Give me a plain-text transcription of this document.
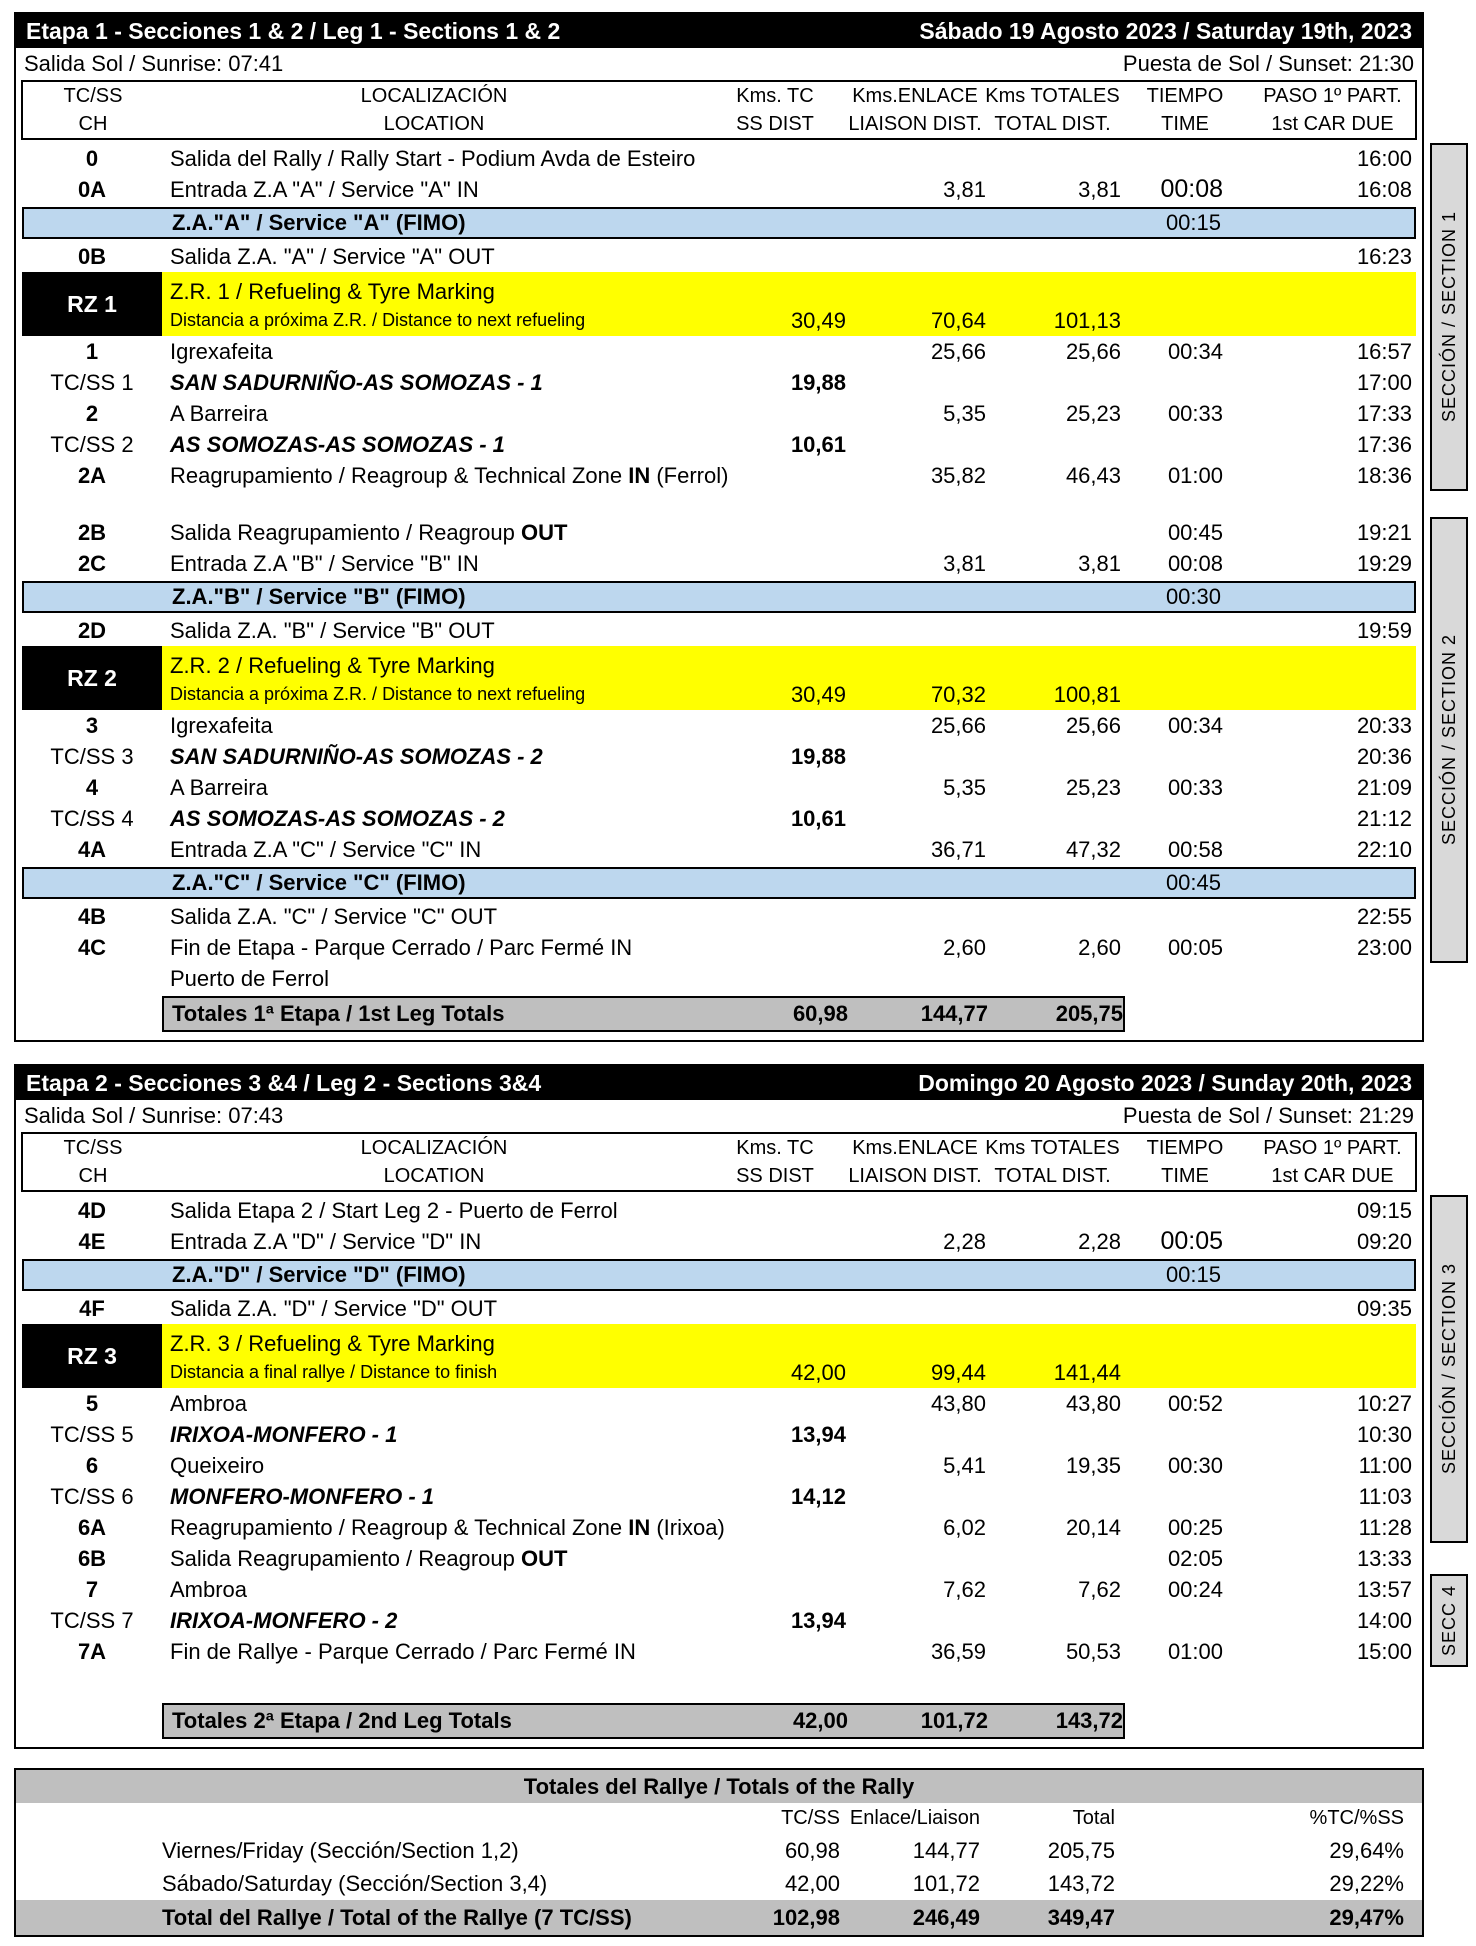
Etapa 1 - Secciones 1 & 2 / Leg 1 - Sections 1 & 2	Sábado 19 Agosto 2023 / Saturday 19th, 2023
Salida Sol / Sunrise: 07:41	Puesta de Sol / Sunset: 21:30
TC/SS	LOCALIZACIÓN	Kms. TC	Kms.ENLACE Kms TOTALES	TIEMPO	PASO 1º PART.
CH	LOCATION	SS DIST	LIAISON DIST. TOTAL DIST.	TIME	1st CAR DUE
0	Salida del Rally / Rally Start - Podium Avda de Esteiro	16:00
0A	Entrada Z.A "A" / Service "A" IN	3,81	3,81	00:08	16:08
Z.A."A" / Service "A" (FIMO)	00:15
0B	Salida Z.A. "A" / Service "A" OUT	16:23
RZ 1	Z.R. 1 / Refueling & Tyre Marking
Distancia a próxima Z.R. / Distance to next refueling	30,49	70,64	101,13
1	Igrexafeita	25,66	25,66	00:34	16:57
TC/SS 1	SAN SADURNIÑO-AS SOMOZAS - 1	19,88	17:00
2	A Barreira	5,35	25,23	00:33	17:33
TC/SS 2	AS SOMOZAS-AS SOMOZAS - 1	10,61	17:36
2A	Reagrupamiento / Reagroup & Technical Zone IN (Ferrol)	35,82	46,43	01:00	18:36
2B	Salida Reagrupamiento / Reagroup OUT	00:45	19:21
2C	Entrada Z.A "B" / Service "B" IN	3,81	3,81	00:08	19:29
Z.A."B" / Service "B" (FIMO)	00:30
2D	Salida Z.A. "B" / Service "B" OUT	19:59
RZ 2	Z.R. 2 / Refueling & Tyre Marking
Distancia a próxima Z.R. / Distance to next refueling	30,49	70,32	100,81
3	Igrexafeita	25,66	25,66	00:34	20:33
TC/SS 3	SAN SADURNIÑO-AS SOMOZAS - 2	19,88	20:36
4	A Barreira	5,35	25,23	00:33	21:09
TC/SS 4	AS SOMOZAS-AS SOMOZAS - 2	10,61	21:12
4A	Entrada Z.A "C" / Service "C" IN	36,71	47,32	00:58	22:10
Z.A."C" / Service "C" (FIMO)	00:45
4B	Salida Z.A. "C" / Service "C" OUT	22:55
4C	Fin de Etapa - Parque Cerrado / Parc Fermé IN	2,60	2,60	00:05	23:00
Puerto de Ferrol
Totales 1ª Etapa / 1st Leg Totals	60,98	144,77	205,75
SECCIÓN / SECTION 1
SECCIÓN / SECTION 2
Etapa 2 - Secciones 3 &4 / Leg 2 - Sections 3&4	Domingo 20 Agosto 2023 / Sunday 20th, 2023
Salida Sol / Sunrise: 07:43	Puesta de Sol / Sunset: 21:29
TC/SS	LOCALIZACIÓN	Kms. TC	Kms.ENLACE Kms TOTALES	TIEMPO	PASO 1º PART.
CH	LOCATION	SS DIST	LIAISON DIST. TOTAL DIST.	TIME	1st CAR DUE
4D	Salida Etapa 2 / Start Leg 2 - Puerto de Ferrol	09:15
4E	Entrada Z.A "D" / Service "D" IN	2,28	2,28	00:05	09:20
Z.A."D" / Service "D" (FIMO)	00:15
4F	Salida Z.A. "D" / Service "D" OUT	09:35
RZ 3	Z.R. 3 / Refueling & Tyre Marking
Distancia a final rallye / Distance to finish	42,00	99,44	141,44
5	Ambroa	43,80	43,80	00:52	10:27
TC/SS 5	IRIXOA-MONFERO - 1	13,94	10:30
6	Queixeiro	5,41	19,35	00:30	11:00
TC/SS 6	MONFERO-MONFERO - 1	14,12	11:03
6A	Reagrupamiento / Reagroup & Technical Zone IN (Irixoa)	6,02	20,14	00:25	11:28
6B	Salida Reagrupamiento / Reagroup OUT	02:05	13:33
7	Ambroa	7,62	7,62	00:24	13:57
TC/SS 7	IRIXOA-MONFERO - 2	13,94	14:00
7A	Fin de Rallye - Parque Cerrado / Parc Fermé IN	36,59	50,53	01:00	15:00
Totales 2ª Etapa / 2nd Leg Totals	42,00	101,72	143,72
SECCIÓN / SECTION 3
SECC 4
Totales del Rallye / Totals of the Rally
TC/SS Enlace/Liaison	Total	%TC/%SS
Viernes/Friday (Sección/Section 1,2)	60,98	144,77	205,75	29,64%
Sábado/Saturday (Sección/Section 3,4)	42,00	101,72	143,72	29,22%
Total del Rallye / Total of the Rallye (7 TC/SS)	102,98	246,49	349,47	29,47%
